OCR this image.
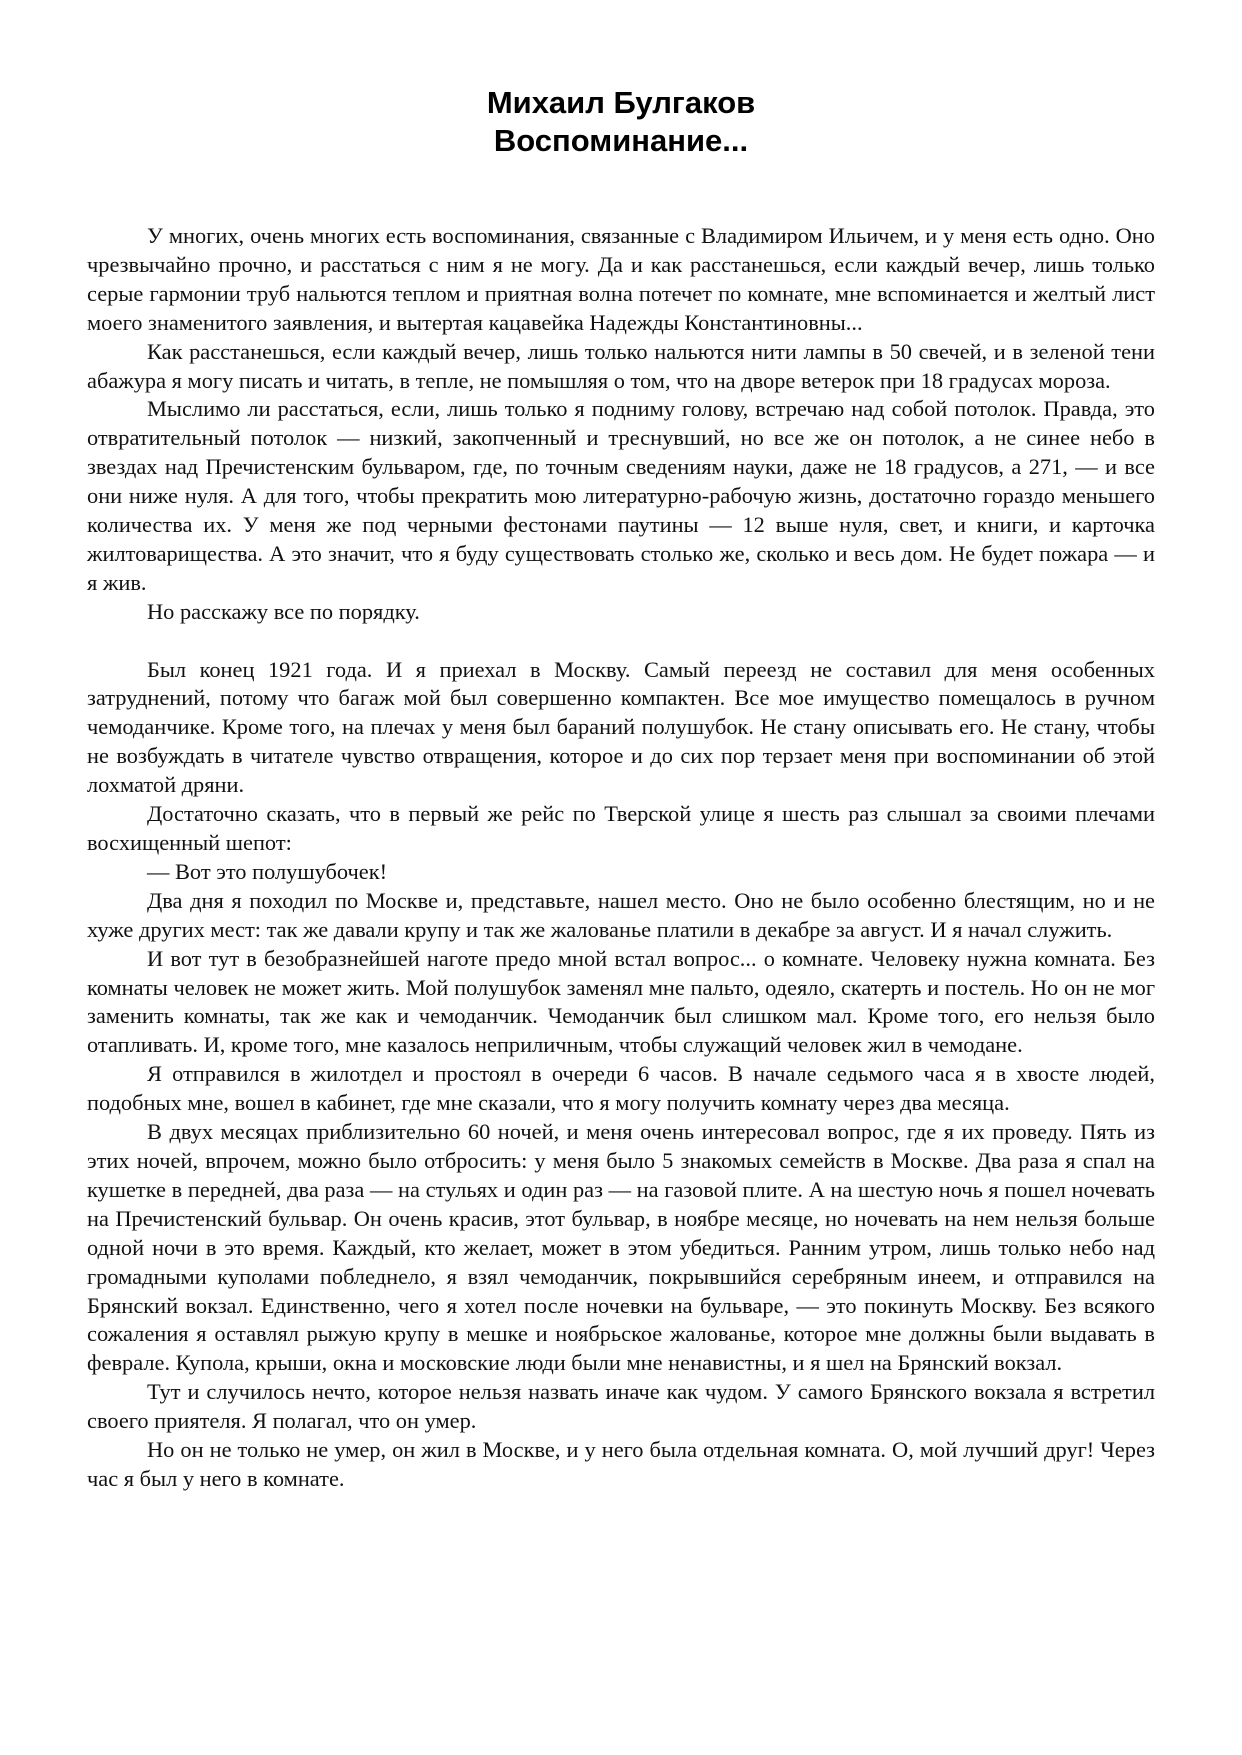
Михаил Булгаков
Воспоминание...

У многих, очень многих есть воспоминания, связанные с Владимиром Ильичем, и у меня есть одно. Оно чрезвычайно прочно, и расстаться с ним я не могу. Да и как расстанешься, если каждый вечер, лишь только серые гармонии труб нальются теплом и приятная волна потечет по комнате, мне вспоминается и желтый лист моего знаменитого заявления, и вытертая кацавейка Надежды Константиновны...

Как расстанешься, если каждый вечер, лишь только нальются нити лампы в 50 свечей, и в зеленой тени абажура я могу писать и читать, в тепле, не помышляя о том, что на дворе ветерок при 18 градусах мороза.

Мыслимо ли расстаться, если, лишь только я подниму голову, встречаю над собой потолок. Правда, это отвратительный потолок — низкий, закопченный и треснувший, но все же он потолок, а не синее небо в звездах над Пречистенским бульваром, где, по точным сведениям науки, даже не 18 градусов, а 271, — и все они ниже нуля. А для того, чтобы прекратить мою литературно-рабочую жизнь, достаточно гораздо меньшего количества их. У меня же под черными фестонами паутины — 12 выше нуля, свет, и книги, и карточка жилтоварищества. А это значит, что я буду существовать столько же, сколько и весь дом. Не будет пожара — и я жив.

Но расскажу все по порядку.

Был конец 1921 года. И я приехал в Москву. Самый переезд не составил для меня особенных затруднений, потому что багаж мой был совершенно компактен. Все мое имущество помещалось в ручном чемоданчике. Кроме того, на плечах у меня был бараний полушубок. Не стану описывать его. Не стану, чтобы не возбуждать в читателе чувство отвращения, которое и до сих пор терзает меня при воспоминании об этой лохматой дряни.

Достаточно сказать, что в первый же рейс по Тверской улице я шесть раз слышал за своими плечами восхищенный шепот:

— Вот это полушубочек!

Два дня я походил по Москве и, представьте, нашел место. Оно не было особенно блестящим, но и не хуже других мест: так же давали крупу и так же жалованье платили в декабре за август. И я начал служить.

И вот тут в безобразнейшей наготе предо мной встал вопрос... о комнате. Человеку нужна комната. Без комнаты человек не может жить. Мой полушубок заменял мне пальто, одеяло, скатерть и постель. Но он не мог заменить комнаты, так же как и чемоданчик. Чемоданчик был слишком мал. Кроме того, его нельзя было отапливать. И, кроме того, мне казалось неприличным, чтобы служащий человек жил в чемодане.

Я отправился в жилотдел и простоял в очереди 6 часов. В начале седьмого часа я в хвосте людей, подобных мне, вошел в кабинет, где мне сказали, что я могу получить комнату через два месяца.

В двух месяцах приблизительно 60 ночей, и меня очень интересовал вопрос, где я их проведу. Пять из этих ночей, впрочем, можно было отбросить: у меня было 5 знакомых семейств в Москве. Два раза я спал на кушетке в передней, два раза — на стульях и один раз — на газовой плите. А на шестую ночь я пошел ночевать на Пречистенский бульвар. Он очень красив, этот бульвар, в ноябре месяце, но ночевать на нем нельзя больше одной ночи в это время. Каждый, кто желает, может в этом убедиться. Ранним утром, лишь только небо над громадными куполами побледнело, я взял чемоданчик, покрывшийся серебряным инеем, и отправился на Брянский вокзал. Единственно, чего я хотел после ночевки на бульваре, — это покинуть Москву. Без всякого сожаления я оставлял рыжую крупу в мешке и ноябрьское жалованье, которое мне должны были выдавать в феврале. Купола, крыши, окна и московские люди были мне ненавистны, и я шел на Брянский вокзал.

Тут и случилось нечто, которое нельзя назвать иначе как чудом. У самого Брянского вокзала я встретил своего приятеля. Я полагал, что он умер.

Но он не только не умер, он жил в Москве, и у него была отдельная комната. О, мой лучший друг! Через час я был у него в комнате.
